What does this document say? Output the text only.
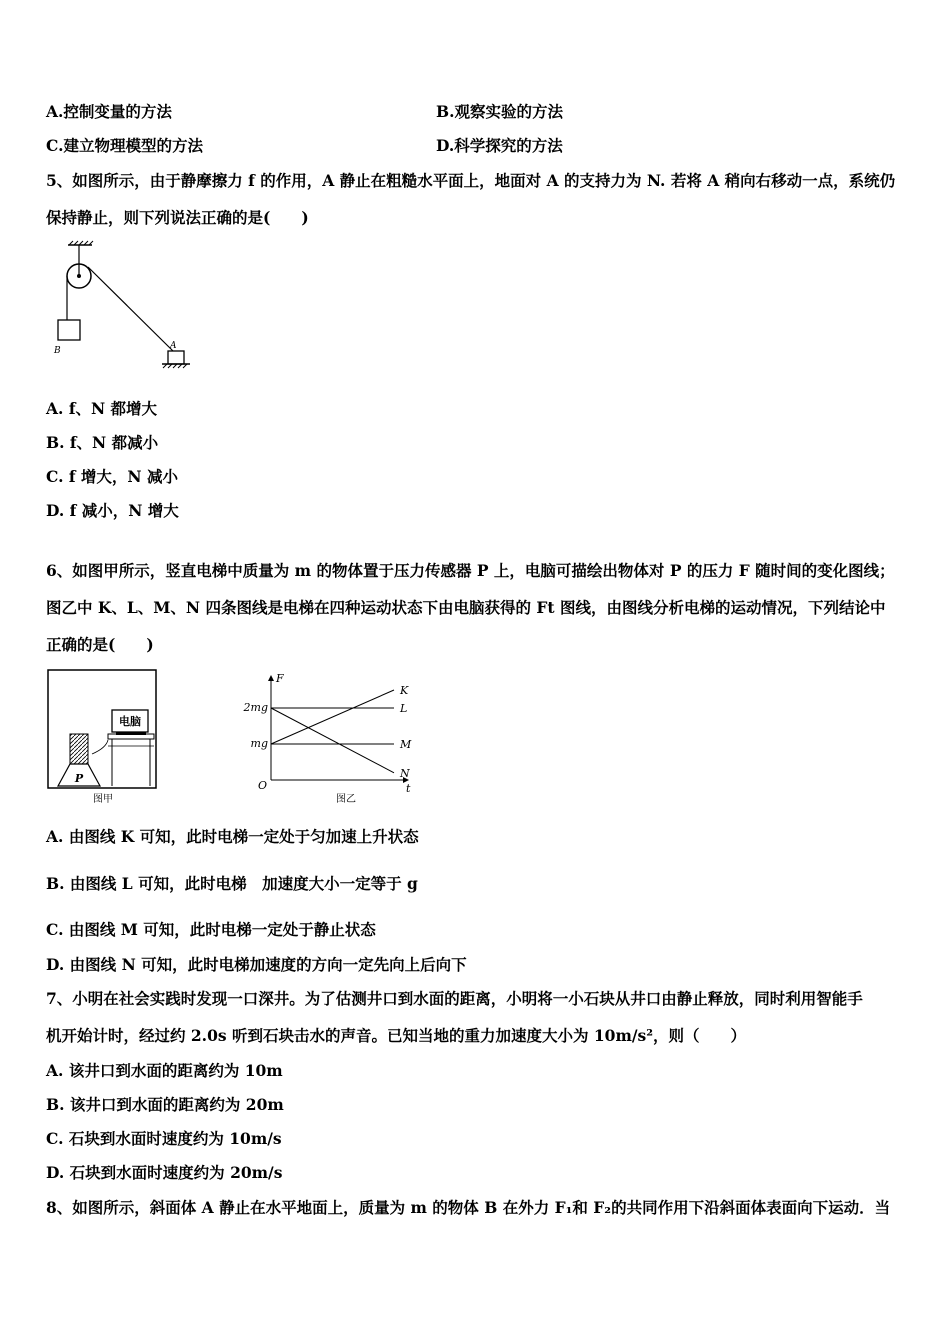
A.控制变量的方法	B.观察实验的方法
C.建立物理模型的方法	D.科学探究的方法
5、如图所示，由于静摩擦力 f 的作用，A 静止在粗糙水平面上，地面对 A 的支持力为 N. 若将 A 稍向右移动一点，系统仍
保持静止，则下列说法正确的是(　　)
B	A
A. f、N 都增大
B. f、N 都减小
C. f 增大，N 减小
D. f 减小，N 增大
6、如图甲所示，竖直电梯中质量为 m 的物体置于压力传感器 P 上，电脑可描绘出物体对 P 的压力 F 随时间的变化图线；
图乙中 K、L、M、N 四条图线是电梯在四种运动状态下由电脑获得的 Ft 图线，由图线分析电梯的运动情况，下列结论中
正确的是(　　)
电脑
P
图甲
F
t
O
2mg
mg
K
L
M
N
图乙
A. 由图线 K 可知，此时电梯一定处于匀加速上升状态
B. 由图线 L 可知，此时电梯　加速度大小一定等于 g
C. 由图线 M 可知，此时电梯一定处于静止状态
D. 由图线 N 可知，此时电梯加速度的方向一定先向上后向下
7、小明在社会实践时发现一口深井。为了估测井口到水面的距离，小明将一小石块从井口由静止释放，同时利用智能手
机开始计时，经过约 2.0s 听到石块击水的声音。已知当地的重力加速度大小为 10m/s²，则（　　）
A. 该井口到水面的距离约为 10m
B. 该井口到水面的距离约为 20m
C. 石块到水面时速度约为 10m/s
D. 石块到水面时速度约为 20m/s
8、如图所示，斜面体 A 静止在水平地面上，质量为 m 的物体 B 在外力 F₁和 F₂的共同作用下沿斜面体表面向下运动．当
